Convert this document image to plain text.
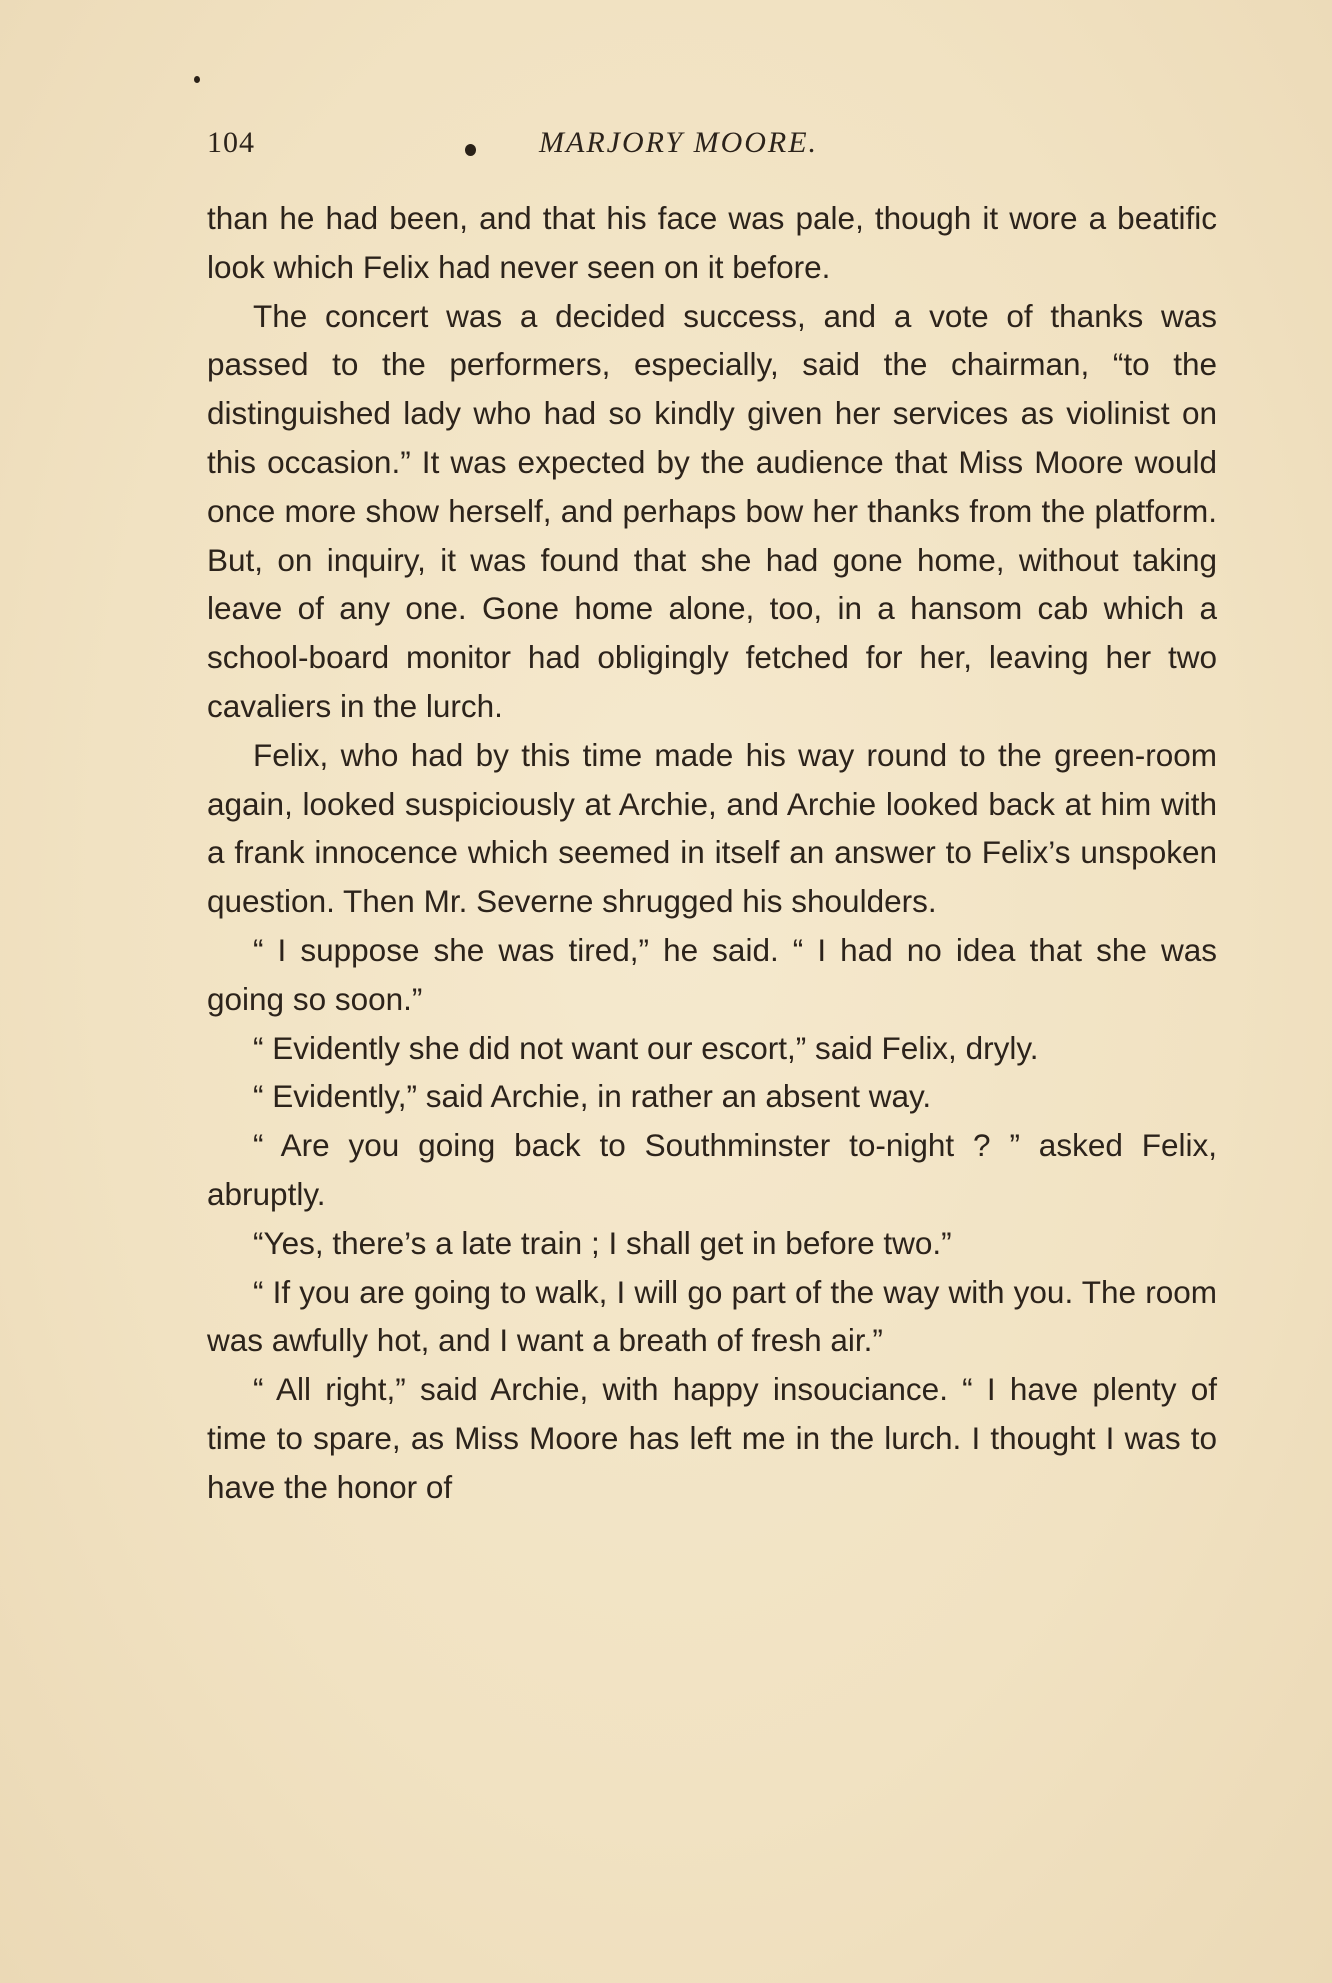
104	MARJORY MOORE.

than he had been, and that his face was pale, though it wore a beatific look which Felix had never seen on it before.

The concert was a decided success, and a vote of thanks was passed to the performers, especially, said the chairman, “to the distinguished lady who had so kindly given her services as violinist on this occasion.” It was expected by the audience that Miss Moore would once more show herself, and perhaps bow her thanks from the platform. But, on inquiry, it was found that she had gone home, without taking leave of any one. Gone home alone, too, in a hansom cab which a school-board monitor had obligingly fetched for her, leaving her two cavaliers in the lurch.

Felix, who had by this time made his way round to the green-room again, looked suspiciously at Archie, and Archie looked back at him with a frank innocence which seemed in itself an answer to Felix’s unspoken question. Then Mr. Severne shrugged his shoulders.

“ I suppose she was tired,” he said. “ I had no idea that she was going so soon.”

“ Evidently she did not want our escort,” said Felix, dryly.

“ Evidently,” said Archie, in rather an absent way.

“ Are you going back to Southminster to-night ? ” asked Felix, abruptly.

“Yes, there’s a late train ; I shall get in before two.”

“ If you are going to walk, I will go part of the way with you. The room was awfully hot, and I want a breath of fresh air.”

“ All right,” said Archie, with happy insouciance. “ I have plenty of time to spare, as Miss Moore has left me in the lurch. I thought I was to have the honor of
